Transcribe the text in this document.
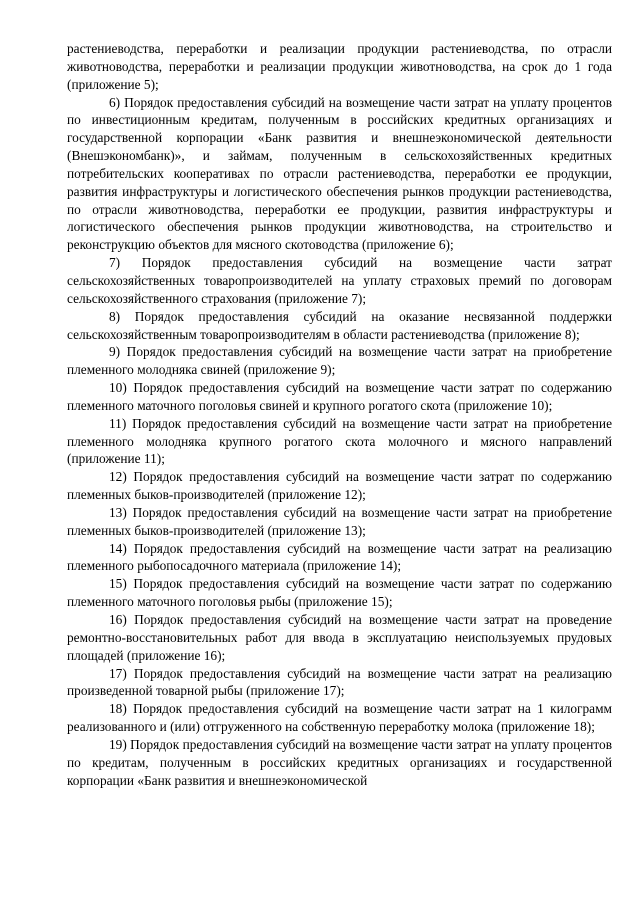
растениеводства, переработки и реализации продукции растениеводства, по отрасли животноводства, переработки и реализации продукции животноводства, на срок до 1 года (приложение 5);

6) Порядок предоставления субсидий на возмещение части затрат на уплату процентов по инвестиционным кредитам, полученным в российских кредитных организациях и государственной корпорации «Банк развития и внешнеэкономической деятельности (Внешэкономбанк)», и займам, полученным в сельскохозяйственных кредитных потребительских кооперативах по отрасли растениеводства, переработки ее продукции, развития инфраструктуры и логистического обеспечения рынков продукции растениеводства, по отрасли животноводства, переработки ее продукции, развития инфраструктуры и логистического обеспечения рынков продукции животноводства, на строительство и реконструкцию объектов для мясного скотоводства (приложение 6);

7) Порядок предоставления субсидий на возмещение части затрат сельскохозяйственных товаропроизводителей на уплату страховых премий по договорам сельскохозяйственного страхования (приложение 7);

8) Порядок предоставления субсидий на оказание несвязанной поддержки сельскохозяйственным товаропроизводителям в области растениеводства (приложение 8);

9) Порядок предоставления субсидий на возмещение части затрат на приобретение племенного молодняка свиней (приложение 9);

10) Порядок предоставления субсидий на возмещение части затрат по содержанию племенного маточного поголовья свиней и крупного рогатого скота (приложение 10);

11) Порядок предоставления субсидий на возмещение части затрат на приобретение племенного молодняка крупного рогатого скота молочного и мясного направлений (приложение 11);

12) Порядок предоставления субсидий на возмещение части затрат по содержанию племенных быков-производителей (приложение 12);

13) Порядок предоставления субсидий на возмещение части затрат на приобретение племенных быков-производителей (приложение 13);

14) Порядок предоставления субсидий на возмещение части затрат на реализацию племенного рыбопосадочного материала (приложение 14);

15) Порядок предоставления субсидий на возмещение части затрат по содержанию племенного маточного поголовья рыбы (приложение 15);

16) Порядок предоставления субсидий на возмещение части затрат на проведение ремонтно-восстановительных работ для ввода в эксплуатацию неиспользуемых прудовых площадей (приложение 16);

17) Порядок предоставления субсидий на возмещение части затрат на реализацию произведенной товарной рыбы (приложение 17);

18) Порядок предоставления субсидий на возмещение части затрат на 1 килограмм реализованного и (или) отгруженного на собственную переработку молока (приложение 18);

19) Порядок предоставления субсидий на возмещение части затрат на уплату процентов по кредитам, полученным в российских кредитных организациях и государственной корпорации «Банк развития и внешнеэкономической
